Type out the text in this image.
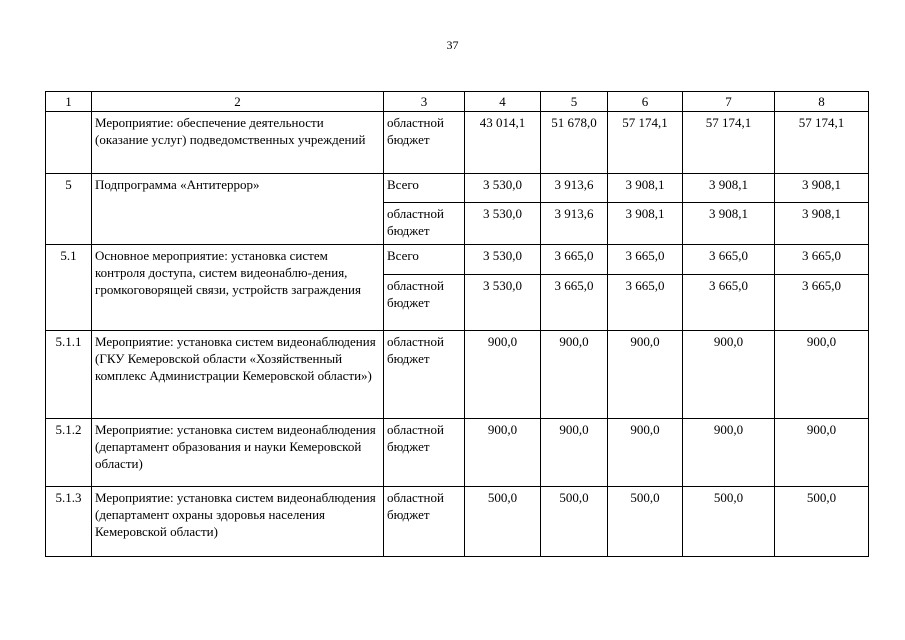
37
1	2	3	4	5	6	7	8
	Мероприятие: обеспечение деятельности (оказание услуг) подведомственных учреждений	областной бюджет	43 014,1	51 678,0	57 174,1	57 174,1	57 174,1
5	Подпрограмма «Антитеррор»	Всего	3 530,0	3 913,6	3 908,1	3 908,1	3 908,1
		областной бюджет	3 530,0	3 913,6	3 908,1	3 908,1	3 908,1
5.1	Основное мероприятие: установка систем контроля доступа, систем видеонаблю-дения, громкоговорящей связи, устройств заграждения	Всего	3 530,0	3 665,0	3 665,0	3 665,0	3 665,0
		областной бюджет	3 530,0	3 665,0	3 665,0	3 665,0	3 665,0
5.1.1	Мероприятие: установка систем видеонаблюдения (ГКУ Кемеровской области «Хозяйственный комплекс Администрации Кемеровской области»)	областной бюджет	900,0	900,0	900,0	900,0	900,0
5.1.2	Мероприятие: установка систем видеонаблюдения (департамент образования и науки Кемеровской области)	областной бюджет	900,0	900,0	900,0	900,0	900,0
5.1.3	Мероприятие: установка систем видеонаблюдения (департамент охраны здоровья населения Кемеровской области)	областной бюджет	500,0	500,0	500,0	500,0	500,0
